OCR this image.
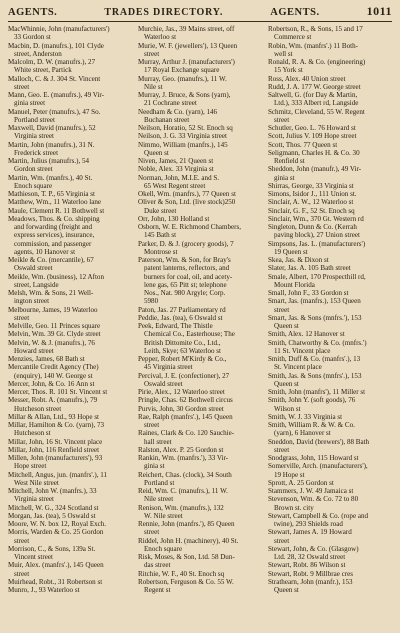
AGENTS.	TRADES DIRECTORY.	AGENTS.	1011
MacWhinnie, John (manufacturers')
33 Gordon st
Macbin, D. (manufrs.), 101 Clyde
street, Anderston
Malcolm, D. W. (manufrs.), 27
White street, Partick
Malloch, C. & J. 304 St. Vincent
street
Mann, Geo. E. (manufrs.), 49 Vir-
ginia street
Manuel, Peter (manufrs.), 47 So.
Portland street
Maxwell, David (manufrs.), 52
Virginia street
Martin, John (manufrs.), 31 N.
Frederick street
Martin, Julius (manufrs.), 54
Gordon street
Martin, Wm. (manfrs.), 40 St.
Enoch square
Mathieson, T. P., 65 Virginia st
Matthew, Wm., 11 Waterloo lane
Maule, Clement R. 11 Bothwell st
Meadows, Thos. & Co. shipping
and forwarding (freight and
express services), insurance,
commission, and passenger
agents, 10 Hanover st
Meikle & Co. (mercantile), 67
Oswald street
Meikle, Wm. (business), 12 Afton
street, Langside
Melsh, Wm. & Sons, 21 Well-
ington street
Melbourne, James, 19 Waterloo
street
Melville, Geo. 11 Princes square
Melvin, Wm. 39 Gt. Clyde street
Melvin, W. & J. (manufrs.), 76
Howard street
Menzies, James, 68 Bath st
Mercantile Credit Agency (The)
(enquiry), 140 W. George st
Mercer, John, & Co. 16 Ann st
Mercer, Thos. R. 101 St. Vincent st
Messer, Robt. A. (manufrs.), 79
Hutcheson street
Millar & Allan, Ltd., 93 Hope st
Millar, Hamilton & Co. (yarn), 73
Hutcheson st
Millar, John, 16 St. Vincent place
Millar, John, 116 Renfield street
Millen, John (manufacturers'), 93
Hope street
Mitchell, Angus, jun. (manfrs'.), 11
West Nile street
Mitchell, John W. (manfrs.), 33
Virginia street
Mitchell, W. G., 324 Scotland st
Morgan, Jas. (tea), 5 Oswald st
Moore, W. N. box 12, Royal Exch.
Morris, Warden & Co. 25 Gordon
street
Morrison, C., & Sons, 139a St.
Vincent street
Muir, Alex. (manfrs'.), 145 Queen
street
Muirhead, Robt., 31 Robertson st
Munro, J., 93 Waterloo st
Murchie, Jas., 39 Mains street, off
Waterloo st
Murie, W. F. (jewellers'), 13 Queen
street
Murray, Arthur J. (manufacturers')
17 Royal Exchange square
Murray, Geo. (manufrs.), 11 W.
Nile st
Murray, J. Bruce, & Sons (yarn),
21 Cochrane street
Needham & Co. (yarn), 146
Buchanan street
Neilson, Horatio, 52 St. Enoch sq
Neilson, J. G. 33 Virginia street
Nimmo, William (manfrs.), 145
Queen st
Niven, James, 21 Queen st
Noble, Alex. 33 Virginia st
Norman, John, M.I.E. and S.
65 West Regent street
Okell, Wm. (manfrs.), 77 Queen st
Oliver & Son, Ltd. (live stock)250
Duke street
Orr, John, 130 Holland st
Osborn, W. E. Richmond Chambers,
145 Bath st
Parker, D. & J. (grocery goods), 7
Montrose st
Paterson, Wm. & Son, for Bray's
patent lanterns, reflectors, and
burners for coal, oil, and acety-
lene gas, 65 Pitt st; telephone
Nos., Nat. 980 Argyle; Corp.
5980
Paton, Jas. 27 Parliamentary rd
Peddie, Jas. (tea), 6 Oswald st
Peek, Edward, The Thistle
Chemical Co., Easterhouse; The
British Dittomite Co., Ltd.,
Leith, Skye; 63 Waterloo st
Pepper, Robert M'Kirdy & Co.,
45 Virginia street
Percival, J. E. (confectioner), 27
Oswald street
Pirie, Alex., 12 Waterloo street
Pringle, Chas. 62 Bothwell circus
Purvis, John, 30 Gordon street
Rae, Ralph (manfrs'.), 145 Queen
street
Raines, Clark & Co. 120 Sauchie-
hall street
Ralston, Alex. P. 25 Gordon st
Rankin, Wm. (manfrs.'), 33 Vir-
ginia st
Reichert, Chas. (clock), 34 South
Portland st
Reid, Wm. C. (manufrs.), 11 W.
Nile street
Renison, Wm. (manufrs.), 132
W. Nile street
Rennie, John (manfrs.'), 85 Queen
street
Riddel, John H. (machinery), 40 St.
Enoch square
Risk, Moses, & Son, Ltd. 58 Dun-
das street
Ritchie, W. F., 40 St. Enoch sq
Robertson, Ferguson & Co. 55 W.
Regent st
Robertson, R., & Sons, 15 and 17
Commerce st
Robin, Wm. (manfrs'.) 11 Both-
well st
Ronald, R. A. & Co. (engineering)
15 York st
Ross, Alex. 40 Union street
Rudd, J. A. 177 W. George street
Saltwell, G. (for Day & Martin,
Ltd.), 333 Albert rd, Langside
Schmitz, Cleveland, 55 W. Regent
street
Schutler, Geo. L. 76 Howard st
Scott, Julius V. 109 Hope street
Scott, Thos. 77 Queen st
Seligmann, Charles H. & Co. 30
Renfield st
Sheddon, John (manufr.), 49 Vir-
ginia st
Shirras, George, 33 Virginia st
Simons, Isidor J., 111 Union st.
Sinclair, A. W., 12 Waterloo st
Sinclair, G. F., 52 St. Enoch sq
Sinclair, Wm., 370 Gt. Western rd
Singleton, Dunn & Co. (Kerrah
paving block), 27 Union street
Simpsons, Jas. L. (manufacturers')
19 Queen st
Skea, Jas. & Dixon st
Slater, Jas. A. 105 Bath street
Smale, Albert, 170 Prospecthill rd,
Mount Florida
Small, John F., 33 Gordon st
Smart, Jas. (manfrs.), 153 Queen
street
Smart, Jas. & Sons (mnfrs.'), 153
Queen st
Smith, Alex. 12 Hanover st
Smith, Chatworthy & Co. (mnfrs.')
11 St. Vincent place
Smith, Duff & Co. (manfrs'.), 13
St. Vincent place
Smith, Jas. & Sons (mnfrs'.), 153
Queen st
Smith, John (manfrs'), 11 Miller st
Smith, John Y. (soft goods), 76
Wilson st
Smith, W. J. 33 Virginia st
Smith, William R. & W. & Co.
(yarn), 6 Hanover st
Sneddon, David (brewers'), 88 Bath
street
Snodgrass, John, 115 Howard st
Somerville, Arch. (manufacturers'),
19 Hope st
Sprott, A. 25 Gordon st
Stammers, J. W. 49 Jamaica st
Stevenson, Wm. & Co. 72 to 80
Brown st. city
Stewart, Campbell & Co. (rope and
twine), 293 Shields road
Stewart, James A. 19 Howard
street
Stewart, John, & Co. (Glasgow)
Ltd. 28, 32 Oswald street
Stewart, Robt. 86 Wilson st
Stewart, Robt. 9 Millbrae cres
Strathearn, John (manfr.), 153
Queen st
